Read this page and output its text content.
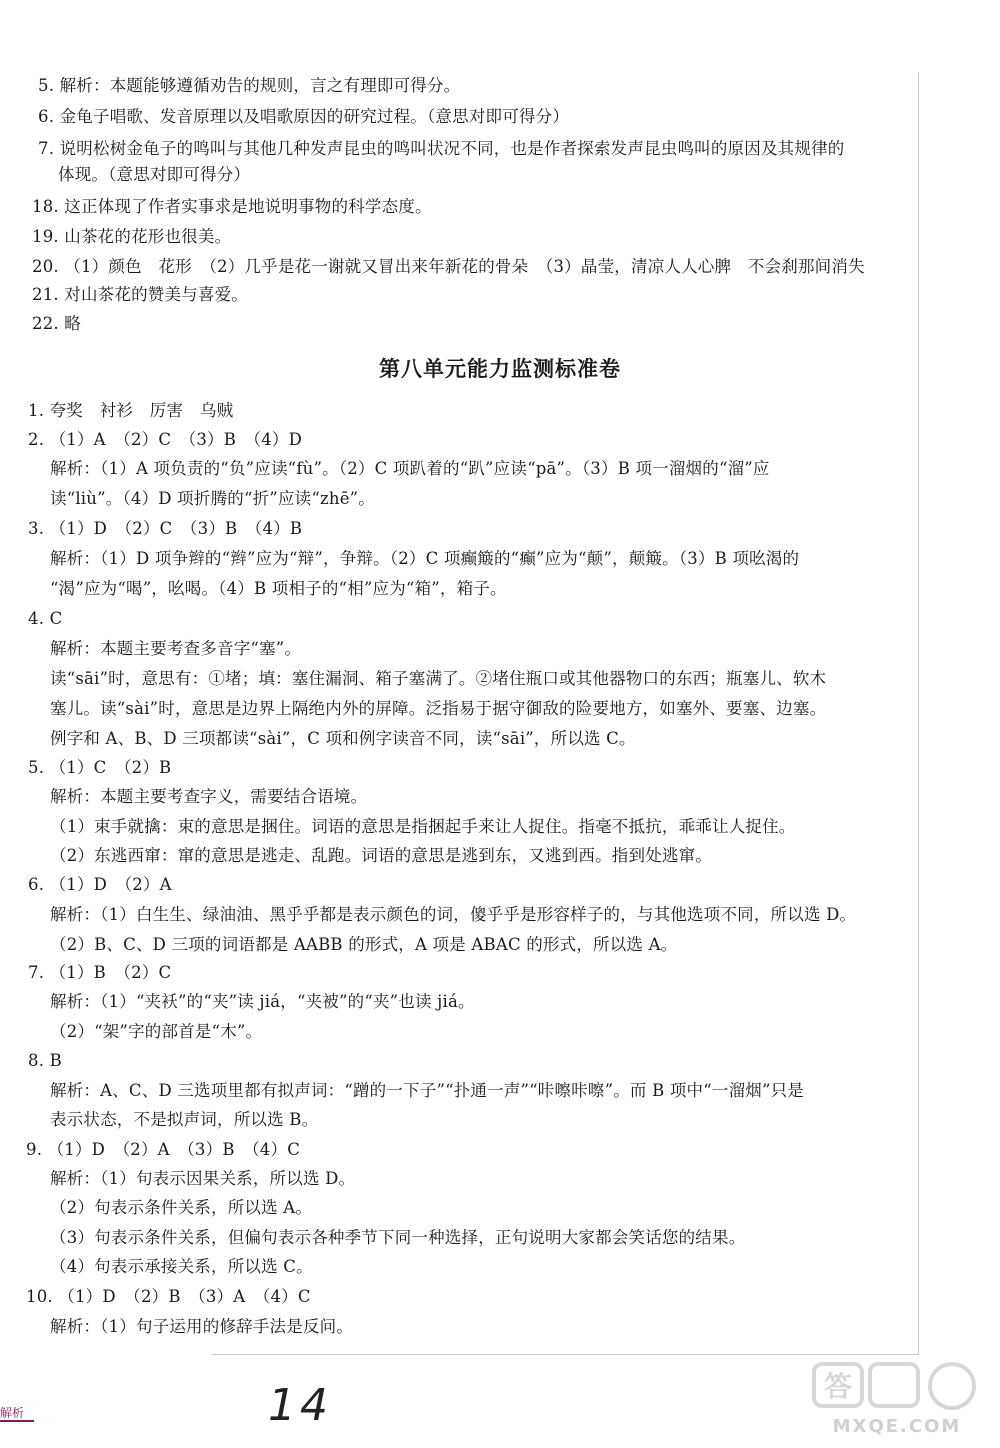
5. 解析：本题能够遵循劝告的规则，言之有理即可得分。
6. 金龟子唱歌、发音原理以及唱歌原因的研究过程。（意思对即可得分）
7. 说明松树金龟子的鸣叫与其他几种发声昆虫的鸣叫状况不同，也是作者探索发声昆虫鸣叫的原因及其规律的
体现。（意思对即可得分）
18. 这正体现了作者实事求是地说明事物的科学态度。
19. 山茶花的花形也很美。
20. （1）颜色　花形　（2）几乎是花一谢就又冒出来年新花的骨朵　（3）晶莹，清凉人人心脾　不会刹那间消失
21. 对山茶花的赞美与喜爱。
22. 略
第八单元能力监测标准卷
1. 夸奖　衬衫　厉害　乌贼
2. （1）A　（2）C　（3）B　（4）D
解析：（1）A 项负责的“负”应读“fù”。（2）C 项趴着的“趴”应读“pā”。（3）B 项一溜烟的“溜”应
读“liù”。（4）D 项折腾的“折”应读“zhē”。
3. （1）D　（2）C　（3）B　（4）B
解析：（1）D 项争辫的“辫”应为“辩”，争辩。（2）C 项癫簸的“癫”应为“颠”，颠簸。（3）B 项吆渴的
“渴”应为“喝”，吆喝。（4）B 项相子的“相”应为“箱”，箱子。
4. C
解析：本题主要考查多音字“塞”。
读“sāi”时，意思有：①堵；填：塞住漏洞、箱子塞满了。②堵住瓶口或其他器物口的东西；瓶塞儿、软木
塞儿。读“sài”时，意思是边界上隔绝内外的屏障。泛指易于据守御敌的险要地方，如塞外、要塞、边塞。
例字和 A、B、D 三项都读“sài”，C 项和例字读音不同，读“sāi”，所以选 C。
5. （1）C　（2）B
解析：本题主要考查字义，需要结合语境。
（1）束手就擒：束的意思是捆住。词语的意思是指捆起手来让人捉住。指毫不抵抗，乖乖让人捉住。
（2）东逃西窜：窜的意思是逃走、乱跑。词语的意思是逃到东，又逃到西。指到处逃窜。
6. （1）D　（2）A
解析：（1）白生生、绿油油、黑乎乎都是表示颜色的词，傻乎乎是形容样子的，与其他选项不同，所以选 D。
（2）B、C、D 三项的词语都是 AABB 的形式，A 项是 ABAC 的形式，所以选 A。
7. （1）B　（2）C
解析：（1）“夹袄”的“夹”读 jiá，“夹被”的“夹”也读 jiá。
（2）“架”字的部首是“木”。
8. B
解析：A、C、D 三选项里都有拟声词：“蹭的一下子”“扑通一声”“咔嚓咔嚓”。而 B 项中“一溜烟”只是
表示状态，不是拟声词，所以选 B。
9. （1）D　（2）A　（3）B　（4）C
解析：（1）句表示因果关系，所以选 D。
（2）句表示条件关系，所以选 A。
（3）句表示条件关系，但偏句表示各种季节下同一种选择，正句说明大家都会笑话您的结果。
（4）句表示承接关系，所以选 C。
10. （1）D　（2）B　（3）A　（4）C
解析：（1）句子运用的修辞手法是反问。
解析	14	答
MXQE.COM
